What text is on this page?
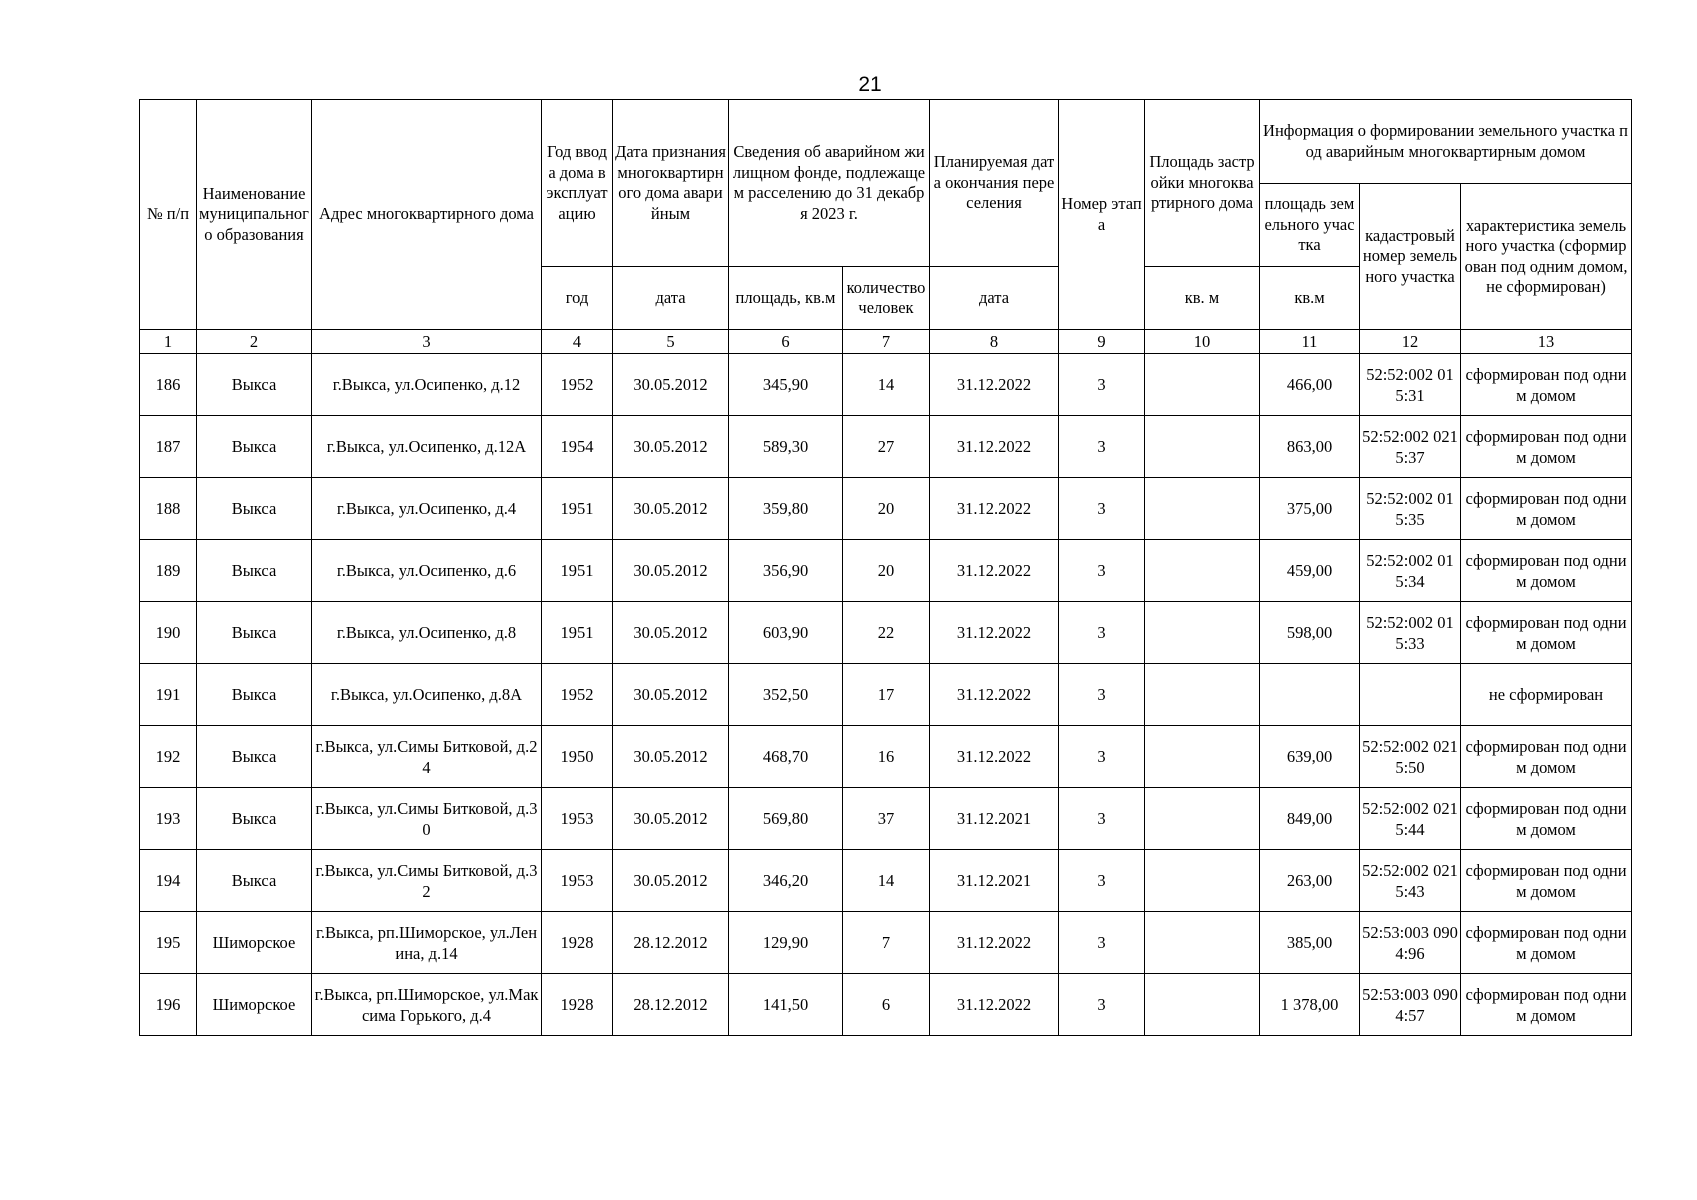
21
№ п/п	Наименование муниципального образования	Адрес многоквартирного дома	Год ввода дома в эксплуатацию	Дата признания многоквартирного дома аварийным	Сведения об аварийном жилищном фонде, подлежащем расселению до 31 декабря 2023 г.		Планируемая дата окончания переселения	Номер этапа	Площадь застройки многоквартирного дома	Информация о формировании земельного участка под аварийным многоквартирным домом		
										площадь земельного участка	кадастровый номер земельного участка	характеристика земельного участка (сформирован под одним домом, не сформирован)
			год	дата	площадь, кв.м	количество человек	дата		кв. м	кв.м		
1	2	3	4	5	6	7	8	9	10	11	12	13
186	Выкса	г.Выкса, ул.Осипенко, д.12	1952	30.05.2012	345,90	14	31.12.2022	3		466,00	52:52:002 015:31	сформирован под одним домом
187	Выкса	г.Выкса, ул.Осипенко, д.12А	1954	30.05.2012	589,30	27	31.12.2022	3		863,00	52:52:002 0215:37	сформирован под одним домом
188	Выкса	г.Выкса, ул.Осипенко, д.4	1951	30.05.2012	359,80	20	31.12.2022	3		375,00	52:52:002 015:35	сформирован под одним домом
189	Выкса	г.Выкса, ул.Осипенко, д.6	1951	30.05.2012	356,90	20	31.12.2022	3		459,00	52:52:002 015:34	сформирован под одним домом
190	Выкса	г.Выкса, ул.Осипенко, д.8	1951	30.05.2012	603,90	22	31.12.2022	3		598,00	52:52:002 015:33	сформирован под одним домом
191	Выкса	г.Выкса, ул.Осипенко, д.8А	1952	30.05.2012	352,50	17	31.12.2022	3				не сформирован
192	Выкса	г.Выкса, ул.Симы Битковой, д.24	1950	30.05.2012	468,70	16	31.12.2022	3		639,00	52:52:002 0215:50	сформирован под одним домом
193	Выкса	г.Выкса, ул.Симы Битковой, д.30	1953	30.05.2012	569,80	37	31.12.2021	3		849,00	52:52:002 0215:44	сформирован под одним домом
194	Выкса	г.Выкса, ул.Симы Битковой, д.32	1953	30.05.2012	346,20	14	31.12.2021	3		263,00	52:52:002 0215:43	сформирован под одним домом
195	Шиморское	г.Выкса, рп.Шиморское, ул.Ленина, д.14	1928	28.12.2012	129,90	7	31.12.2022	3		385,00	52:53:003 0904:96	сформирован под одним домом
196	Шиморское	г.Выкса, рп.Шиморское, ул.Максима Горького, д.4	1928	28.12.2012	141,50	6	31.12.2022	3		1 378,00	52:53:003 0904:57	сформирован под одним домом
